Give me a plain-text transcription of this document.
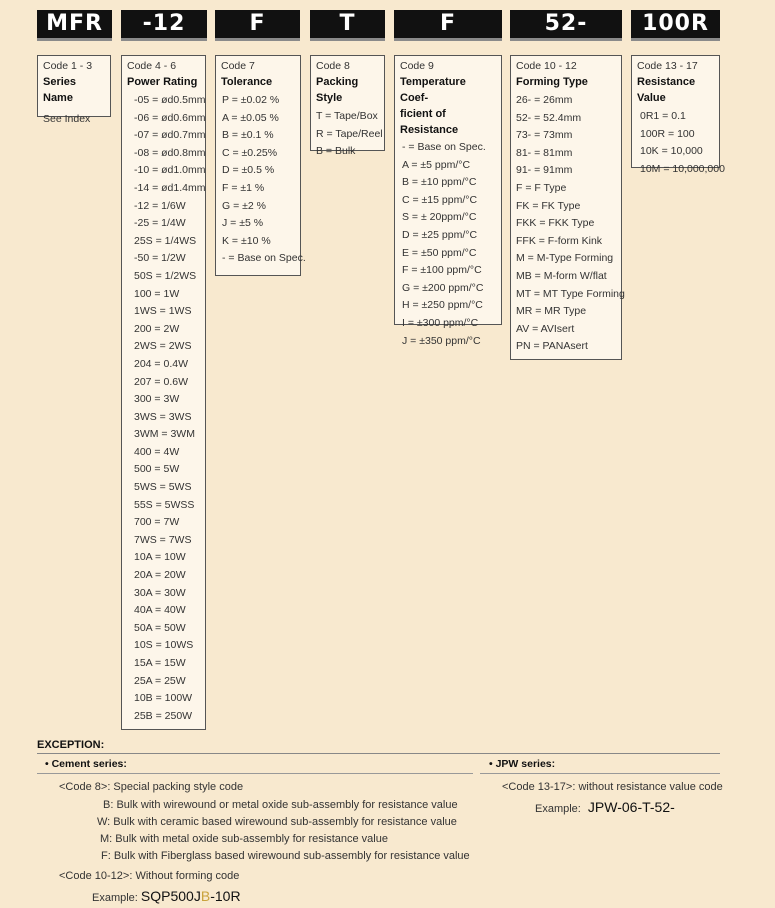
MFR	-12	F	T	F	52-	100R
Code 1 - 3
Series Name
See Index
Code 4 - 6
Power Rating
-05 = ød0.5mm
-06 = ød0.6mm
-07 = ød0.7mm
-08 = ød0.8mm
-10 = ød1.0mm
-14 = ød1.4mm
-12 = 1/6W
-25 = 1/4W
25S = 1/4WS
-50 = 1/2W
50S = 1/2WS
100 = 1W
1WS = 1WS
200 = 2W
2WS = 2WS
204 = 0.4W
207 = 0.6W
300 = 3W
3WS = 3WS
3WM = 3WM
400 = 4W
500 = 5W
5WS = 5WS
55S = 5WSS
700 = 7W
7WS = 7WS
10A = 10W
20A = 20W
30A = 30W
40A = 40W
50A = 50W
10S = 10WS
15A = 15W
25A = 25W
10B = 100W
25B = 250W
Code 7
Tolerance
P = ±0.02 %
A = ±0.05 %
B = ±0.1 %
C = ±0.25%
D = ±0.5 %
F = ±1 %
G = ±2 %
J = ±5 %
K = ±10 %
- = Base on Spec.
Code 8
Packing Style
T = Tape/Box
R = Tape/Reel
B = Bulk
Code 9
Temperature Coef-
ficient of Resistance
- = Base on Spec.
A = ±5 ppm/°C
B = ±10 ppm/°C
C = ±15 ppm/°C
S = ± 20ppm/°C
D = ±25 ppm/°C
E = ±50 ppm/°C
F = ±100 ppm/°C
G = ±200 ppm/°C
H = ±250 ppm/°C
I = ±300 ppm/°C
J = ±350 ppm/°C
Code 10 - 12
Forming Type
26- = 26mm
52- = 52.4mm
73- = 73mm
81- = 81mm
91- = 91mm
F = F Type
FK = FK Type
FKK = FKK Type
FFK = F-form Kink
M = M-Type Forming
MB = M-form W/flat
MT = MT Type Forming
MR = MR Type
AV = AVIsert
PN = PANAsert
Code 13 - 17
Resistance Value
0R1 = 0.1
100R = 100
10K = 10,000
10M = 10,000,000
EXCEPTION:
• Cement series:	• JPW series:
<Code 8>: Special packing style code
B: Bulk with wirewound or metal oxide sub-assembly for resistance value
W: Bulk with ceramic based wirewound sub-assembly for resistance value
M: Bulk with metal oxide sub-assembly for resistance value
F: Bulk with Fiberglass based wirewound sub-assembly for resistance value
<Code 10-12>: Without forming code
Example: SQP500JB-10R
<Code 13-17>: without resistance value code
Example: JPW-06-T-52-
